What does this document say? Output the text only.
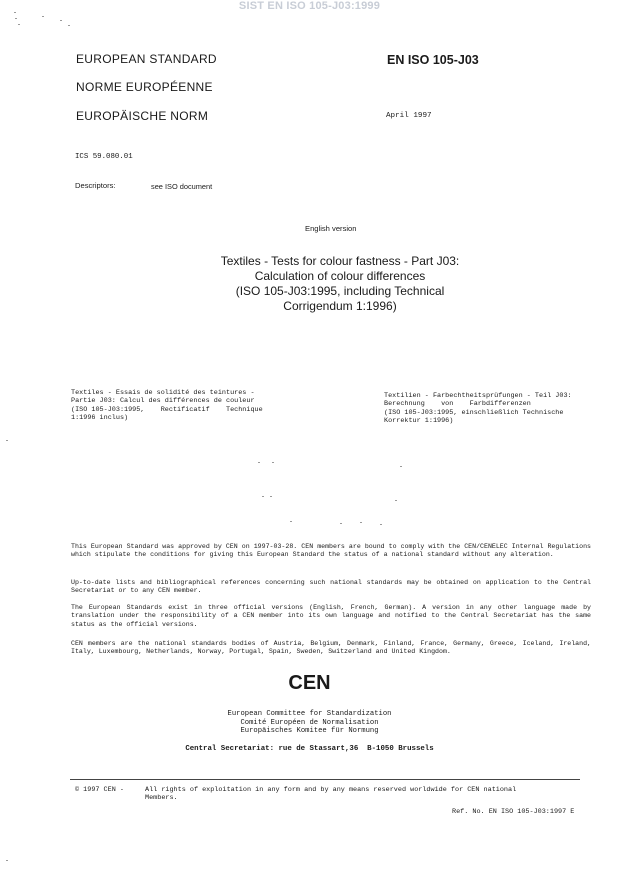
SIST EN ISO 105-J03:1999
EUROPEAN STANDARD
NORME EUROPÉENNE
EUROPÄISCHE NORM
EN ISO 105-J03
April 1997
ICS 59.080.01
Descriptors:	see ISO document
English version
Textiles - Tests for colour fastness - Part J03:
Calculation of colour differences
(ISO 105-J03:1995, including Technical
Corrigendum 1:1996)
Textiles - Essais de solidité des teintures -
Partie J03: Calcul des différences de couleur
(ISO 105-J03:1995,    Rectificatif    Technique
1:1996 inclus)
Textilien - Farbechtheitsprüfungen - Teil J03:
Berechnung    von    Farbdifferenzen
(ISO 105-J03:1995, einschließlich Technische
Korrektur 1:1996)
This European Standard was approved by CEN on 1997-03-28. CEN members are bound to comply with the CEN/CENELEC Internal Regulations which stipulate the conditions for giving this European Standard the status of a national standard without any alteration.
Up-to-date lists and bibliographical references concerning such national standards may be obtained on application to the Central Secretariat or to any CEN member.
The European Standards exist in three official versions (English, French, German). A version in any other language made by translation under the responsibility of a CEN member into its own language and notified to the Central Secretariat has the same status as the official versions.
CEN members are the national standards bodies of Austria, Belgium, Denmark, Finland, France, Germany, Greece, Iceland, Ireland, Italy, Luxembourg, Netherlands, Norway, Portugal, Spain, Sweden, Switzerland and United Kingdom.
CEN
European Committee for Standardization
Comité Européen de Normalisation
Europäisches Komitee für Normung
Central Secretariat: rue de Stassart,36  B-1050 Brussels
© 1997 CEN -	All rights of exploitation in any form and by any means reserved worldwide for CEN national
Members.
Ref. No. EN ISO 105-J03:1997 E
